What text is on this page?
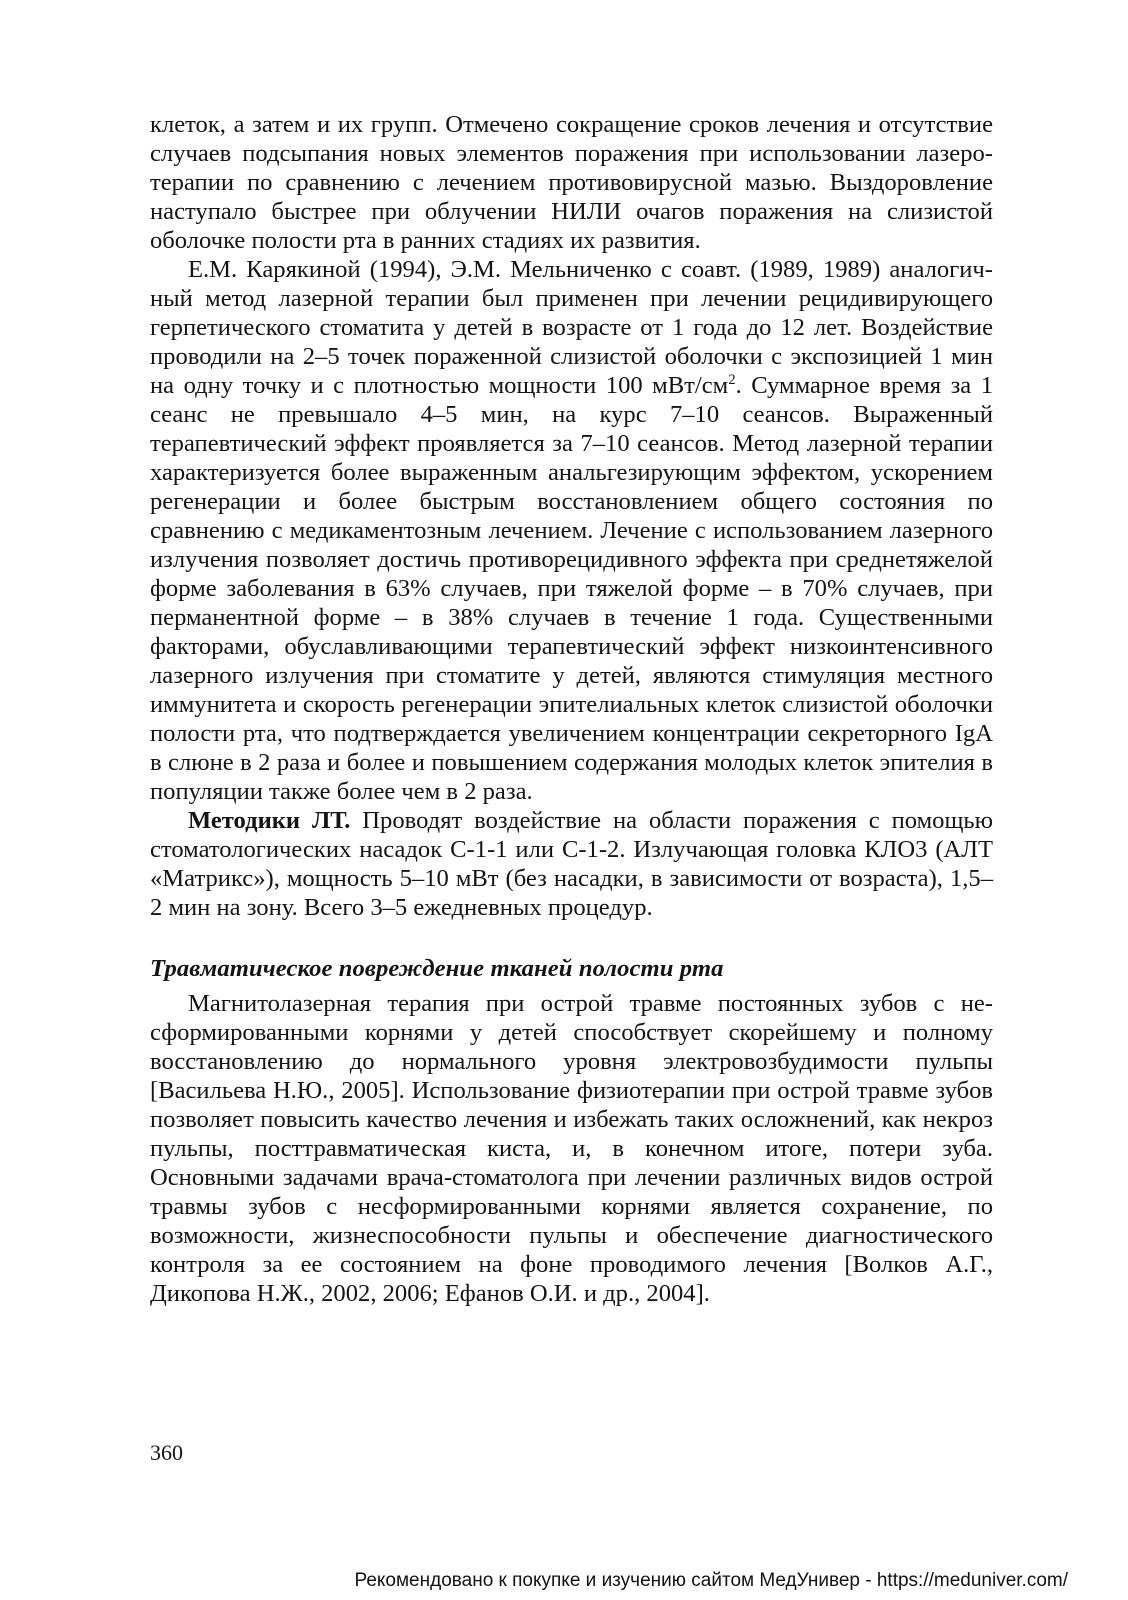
клеток, а затем и их групп. Отмечено сокращение сроков лечения и отсутствие случаев подсыпания новых элементов поражения при использовании лазеротерапии по сравнению с лечением противовирусной мазью. Выздоровление наступало быстрее при облучении НИЛИ очагов поражения на слизистой оболочке полости рта в ранних стадиях их развития.

Е.М. Карякиной (1994), Э.М. Мельниченко с соавт. (1989, 1989) аналогичный метод лазерной терапии был применен при лечении рецидивирующего герпетического стоматита у детей в возрасте от 1 года до 12 лет. Воздействие проводили на 2–5 точек пораженной слизистой оболочки с экспозицией 1 мин на одну точку и с плотностью мощности 100 мВт/$см^2$. Суммарное время за 1 сеанс не превышало 4–5 мин, на курс 7–10 сеансов. Выраженный терапевтический эффект проявляется за 7–10 сеансов. Метод лазерной терапии характеризуется более выраженным анальгезирующим эффектом, ускорением регенерации и более быстрым восстановлением общего состояния по сравнению с медикаментозным лечением. Лечение с использованием лазерного излучения позволяет достичь противорецидивного эффекта при среднетяжелой форме заболевания в 63% случаев, при тяжелой форме – в 70% случаев, при перманентной форме – в 38% случаев в течение 1 года. Существенными факторами, обуславливающими терапевтический эффект низкоинтенсивного лазерного излучения при стоматите у детей, являются стимуляция местного иммунитета и скорость регенерации эпителиальных клеток слизистой оболочки полости рта, что подтверждается увеличением концентрации секреторного IgA в слюне в 2 раза и более и повышением содержания молодых клеток эпителия в популяции также более чем в 2 раза.

Методики ЛТ. Проводят воздействие на области поражения с помощью стоматологических насадок С-1-1 или С-1-2. Излучающая головка КЛО3 (АЛТ «Матрикс»), мощность 5–10 мВт (без насадки, в зависимости от возраста), 1,5–2 мин на зону. Всего 3–5 ежедневных процедур.

Травматическое повреждение тканей полости рта

Магнитолазерная терапия при острой травме постоянных зубов с несформированными корнями у детей способствует скорейшему и полному восстановлению до нормального уровня электровозбудимости пульпы [Васильева Н.Ю., 2005]. Использование физиотерапии при острой травме зубов позволяет повысить качество лечения и избежать таких осложнений, как некроз пульпы, посттравматическая киста, и, в конечном итоге, потери зуба. Основными задачами врача-стоматолога при лечении различных видов острой травмы зубов с несформированными корнями является сохранение, по возможности, жизнеспособности пульпы и обеспечение диагностического контроля за ее состоянием на фоне проводимого лечения [Волков А.Г., Дикопова Н.Ж., 2002, 2006; Ефанов О.И. и др., 2004].

360
Рекомендовано к покупке и изучению сайтом МедУнивер - https://meduniver.com/
